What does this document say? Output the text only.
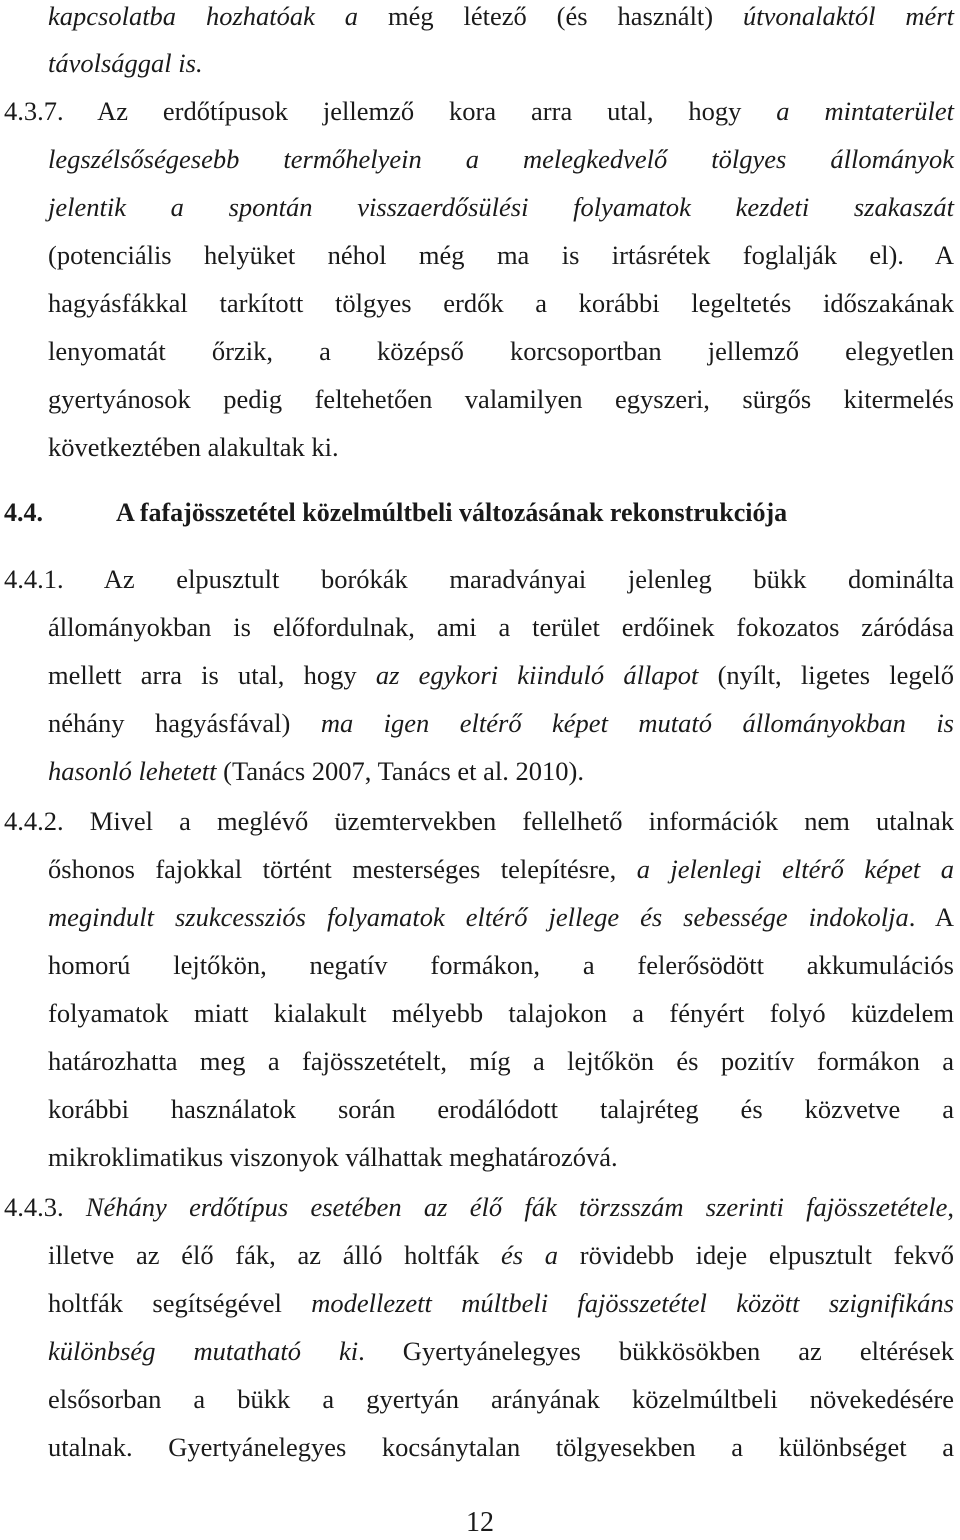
kapcsolatba hozhatóak a még létező (és használt) útvonalaktól mért
távolsággal is.
4.3.7. Az erdőtípusok jellemző kora arra utal, hogy a mintaterület
legszélsőségesebb termőhelyein a melegkedvelő tölgyes állományok
jelentik a spontán visszaerdősülési folyamatok kezdeti szakaszát
(potenciális helyüket néhol még ma is irtásrétek foglalják el). A
hagyásfákkal tarkított tölgyes erdők a korábbi legeltetés időszakának
lenyomatát őrzik, a középső korcsoportban jellemző elegyetlen
gyertyánosok pedig feltehetően valamilyen egyszeri, sürgős kitermelés
következtében alakultak ki.
4.4.	A fafajösszetétel közelmúltbeli változásának rekonstrukciója
4.4.1. Az elpusztult borókák maradványai jelenleg bükk dominálta
állományokban is előfordulnak, ami a terület erdőinek fokozatos záródása
mellett arra is utal, hogy az egykori kiinduló állapot (nyílt, ligetes legelő
néhány hagyásfával) ma igen eltérő képet mutató állományokban is
hasonló lehetett (Tanács 2007, Tanács et al. 2010).
4.4.2. Mivel a meglévő üzemtervekben fellelhető információk nem utalnak
őshonos fajokkal történt mesterséges telepítésre, a jelenlegi eltérő képet a
megindult szukcessziós folyamatok eltérő jellege és sebessége indokolja. A
homorú lejtőkön, negatív formákon, a felerősödött akkumulációs
folyamatok miatt kialakult mélyebb talajokon a fényért folyó küzdelem
határozhatta meg a fajösszetételt, míg a lejtőkön és pozitív formákon a
korábbi használatok során erodálódott talajréteg és közvetve a
mikroklimatikus viszonyok válhattak meghatározóvá.
4.4.3. Néhány erdőtípus esetében az élő fák törzsszám szerinti fajösszetétele,
illetve az élő fák, az álló holtfák és a rövidebb ideje elpusztult fekvő
holtfák segítségével modellezett múltbeli fajösszetétel között szignifikáns
különbség mutatható ki. Gyertyánelegyes bükkösökben az eltérések
elsősorban a bükk a gyertyán arányának közelmúltbeli növekedésére
utalnak. Gyertyánelegyes kocsánytalan tölgyesekben a különbséget a
12
